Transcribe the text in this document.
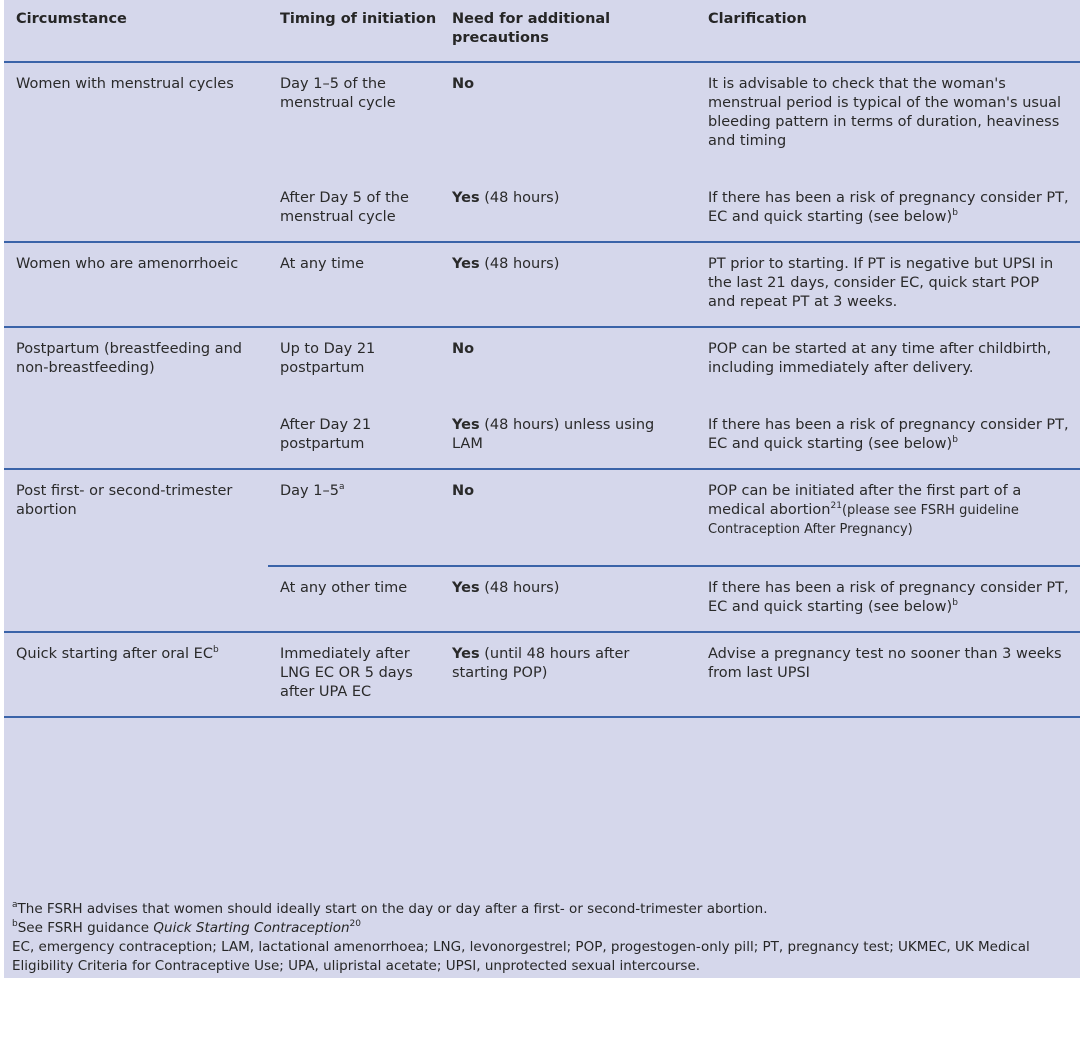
Circumstance	Timing of initiation	Need for additional precautions	Clarification
Women with menstrual cycles	Day 1–5 of the menstrual cycle	No	It is advisable to check that the woman's menstrual period is typical of the woman's usual bleeding pattern in terms of duration, heaviness and timing
	After Day 5 of the menstrual cycle	Yes (48 hours)	If there has been a risk of pregnancy consider PT, EC and quick starting (see below)$^b$
Women who are amenorrhoeic	At any time	Yes (48 hours)	PT prior to starting. If PT is negative but UPSI in the last 21 days, consider EC, quick start POP and repeat PT at 3 weeks.
Postpartum (breastfeeding and non-breastfeeding)	Up to Day 21 postpartum	No	POP can be started at any time after childbirth, including immediately after delivery.
	After Day 21 postpartum	Yes (48 hours) unless using LAM	If there has been a risk of pregnancy consider PT, EC and quick starting (see below)$^b$
Post first- or second-trimester abortion	Day 1–5$^a$	No	POP can be initiated after the first part of a medical abortion$^{21}$(please see FSRH guideline Contraception After Pregnancy)
	At any other time	Yes (48 hours)	If there has been a risk of pregnancy consider PT, EC and quick starting (see below)$^b$
Quick starting after oral $EC^b$	Immediately after LNG EC OR 5 days after UPA EC	Yes (until 48 hours after starting POP)	Advise a pregnancy test no sooner than 3 weeks from last UPSI
$^a$The FSRH advises that women should ideally start on the day or day after a first- or second-trimester abortion.
$^b$See FSRH guidance Quick Starting Contraception$^{20}$
EC, emergency contraception; LAM, lactational amenorrhoea; LNG, levonorgestrel; POP, progestogen-only pill; PT, pregnancy test; UKMEC, UK Medical Eligibility Criteria for Contraceptive Use; UPA, ulipristal acetate; UPSI, unprotected sexual intercourse.
